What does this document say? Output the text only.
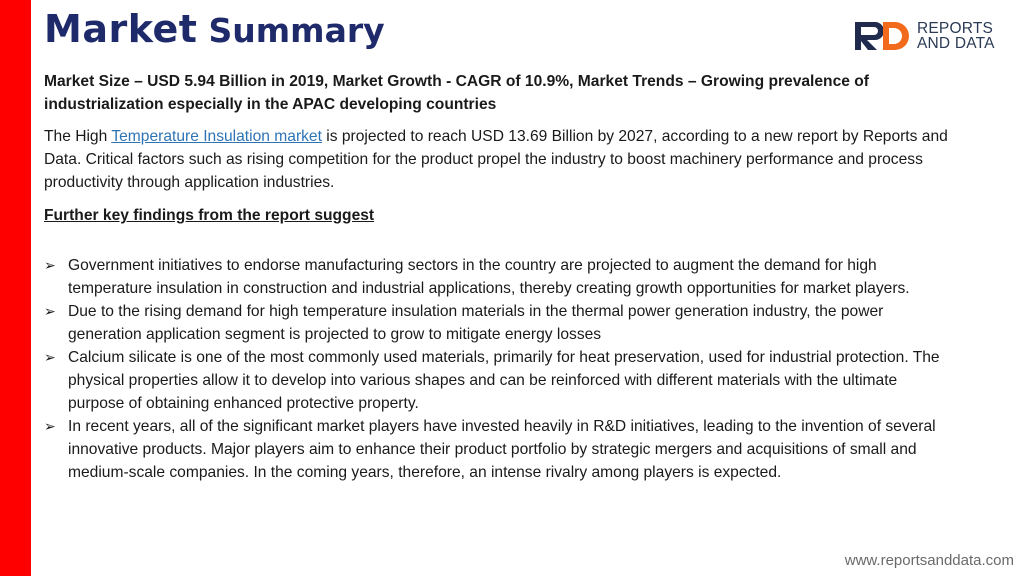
Market Summary	REPORTS
AND DATA

Market Size – USD 5.94 Billion in 2019, Market Growth - CAGR of 10.9%, Market Trends – Growing prevalence of industrialization especially in the APAC developing countries

The High Temperature Insulation market is projected to reach USD 13.69 Billion by 2027, according to a new report by Reports and Data. Critical factors such as rising competition for the product propel the industry to boost machinery performance and process productivity through application industries.

Further key findings from the report suggest

➢ Government initiatives to endorse manufacturing sectors in the country are projected to augment the demand for high temperature insulation in construction and industrial applications, thereby creating growth opportunities for market players.
➢ Due to the rising demand for high temperature insulation materials in the thermal power generation industry, the power generation application segment is projected to grow to mitigate energy losses
➢ Calcium silicate is one of the most commonly used materials, primarily for heat preservation, used for industrial protection. The physical properties allow it to develop into various shapes and can be reinforced with different materials with the ultimate purpose of obtaining enhanced protective property.
➢ In recent years, all of the significant market players have invested heavily in R&D initiatives, leading to the invention of several innovative products. Major players aim to enhance their product portfolio by strategic mergers and acquisitions of small and medium-scale companies. In the coming years, therefore, an intense rivalry among players is expected.
www.reportsanddata.com
